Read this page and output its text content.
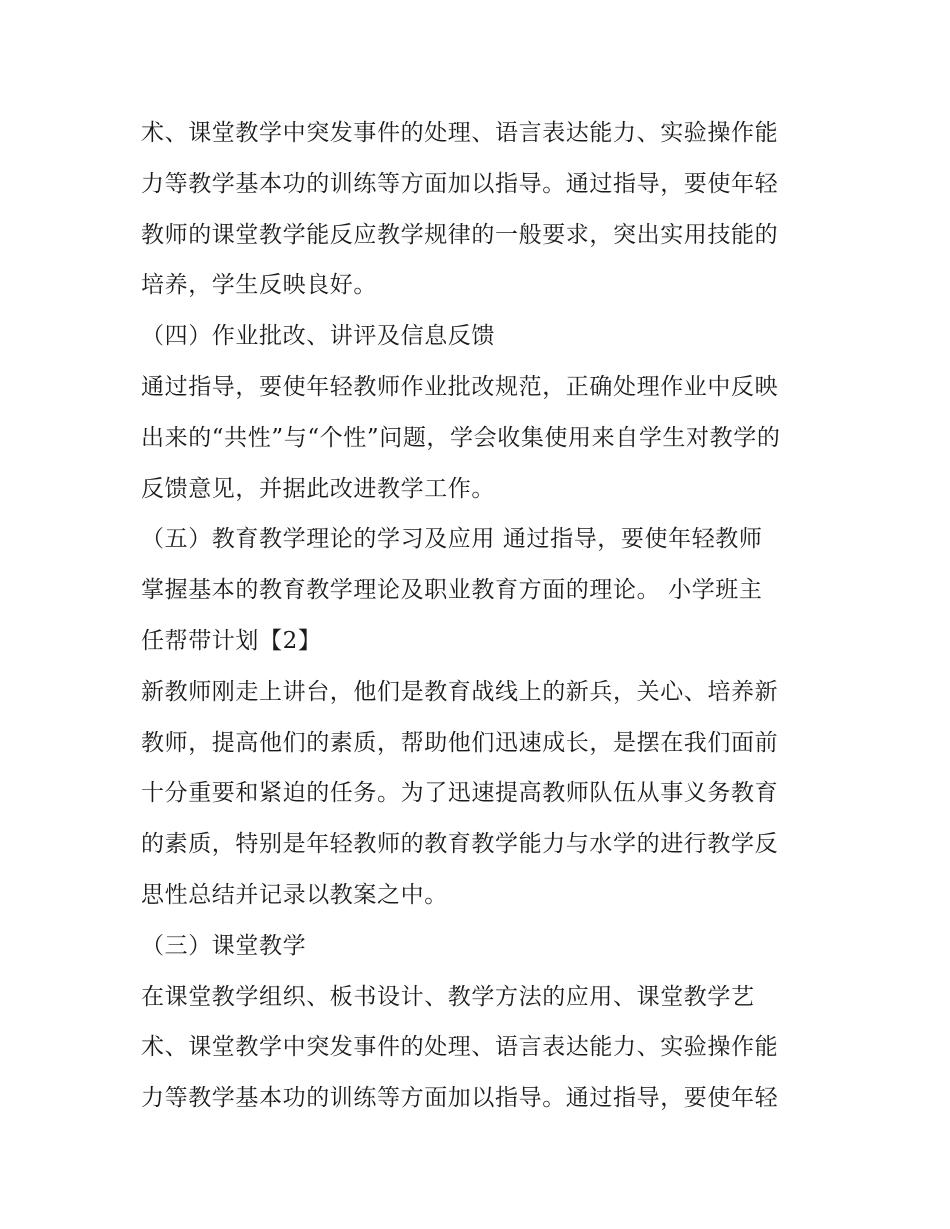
术、课堂教学中突发事件的处理、语言表达能力、实验操作能
力等教学基本功的训练等方面加以指导。通过指导，要使年轻
教师的课堂教学能反应教学规律的一般要求，突出实用技能的
培养，学生反映良好。
（四）作业批改、讲评及信息反馈
通过指导，要使年轻教师作业批改规范，正确处理作业中反映
出来的“共性”与“个性”问题，学会收集使用来自学生对教学的
反馈意见，并据此改进教学工作。
（五）教育教学理论的学习及应用 通过指导，要使年轻教师
掌握基本的教育教学理论及职业教育方面的理论。 小学班主
任帮带计划【2】
新教师刚走上讲台，他们是教育战线上的新兵，关心、培养新
教师，提高他们的素质，帮助他们迅速成长，是摆在我们面前
十分重要和紧迫的任务。为了迅速提高教师队伍从事义务教育
的素质，特别是年轻教师的教育教学能力与水学的进行教学反
思性总结并记录以教案之中。
（三）课堂教学
在课堂教学组织、板书设计、教学方法的应用、课堂教学艺
术、课堂教学中突发事件的处理、语言表达能力、实验操作能
力等教学基本功的训练等方面加以指导。通过指导，要使年轻
